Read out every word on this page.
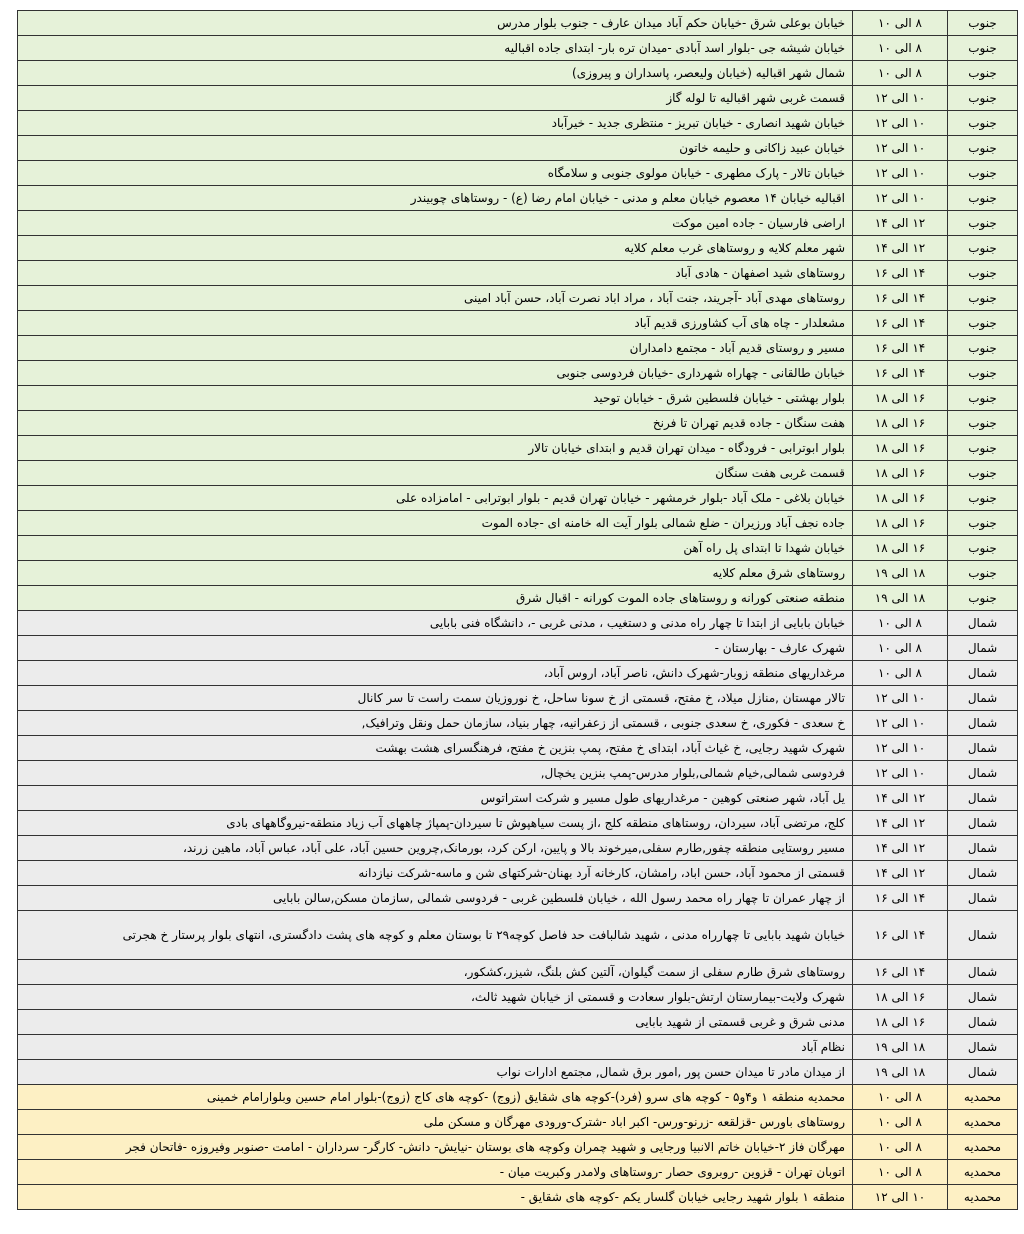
جنوب	۸ الی ۱۰	خیابان بوعلی شرق -خیابان حکم آباد میدان عارف - جنوب بلوار مدرس
جنوب	۸ الی ۱۰	خیابان شیشه جی -بلوار اسد آبادی -میدان تره بار- ابتدای جاده اقبالیه
جنوب	۸ الی ۱۰	شمال شهر اقبالیه (خیابان ولیعصر، پاسداران و پیروزی)
جنوب	۱۰ الی ۱۲	قسمت غربی شهر اقبالیه تا لوله گاز
جنوب	۱۰ الی ۱۲	خیابان شهید انصاری - خیابان تبریز - منتظری جدید - خیرآباد
جنوب	۱۰ الی ۱۲	خیابان عبید زاکانی و حلیمه خاتون
جنوب	۱۰ الی ۱۲	خیابان تالار - پارک مطهری - خیابان مولوی جنوبی و سلامگاه
جنوب	۱۰ الی ۱۲	اقبالیه خیابان ۱۴ معصوم خیابان معلم و مدنی - خیابان امام رضا (ع) - روستاهای چوبیندر
جنوب	۱۲ الی ۱۴	اراضی فارسیان - جاده امین موکت
جنوب	۱۲ الی ۱۴	شهر معلم کلایه و روستاهای غرب معلم کلایه
جنوب	۱۴ الی ۱۶	روستاهای شید اصفهان - هادی آباد
جنوب	۱۴ الی ۱۶	روستاهای مهدی آباد -آجریند، جنت آباد ، مراد اباد نصرت آباد، حسن آباد امینی
جنوب	۱۴ الی ۱۶	مشعلدار - چاه های آب کشاورزی قدیم آباد
جنوب	۱۴ الی ۱۶	مسیر و روستای قدیم آباد - مجتمع دامداران
جنوب	۱۴ الی ۱۶	خیابان طالقانی - چهاراه شهرداری -خیابان فردوسی جنوبی
جنوب	۱۶ الی ۱۸	بلوار بهشتی - خیابان فلسطین شرق - خیابان توحید
جنوب	۱۶ الی ۱۸	هفت سنگان - جاده قدیم تهران تا فرنخ
جنوب	۱۶ الی ۱۸	بلوار ابوترابی - فرودگاه - میدان تهران قدیم و ابتدای خیابان تالار
جنوب	۱۶ الی ۱۸	قسمت غربی هفت سنگان
جنوب	۱۶ الی ۱۸	خیابان بلاغی - ملک آباد -بلوار خرمشهر - خیابان تهران قدیم - بلوار ابوترابی - امامزاده علی
جنوب	۱۶ الی ۱۸	جاده نجف آباد ورزیران - ضلع شمالی بلوار آیت اله خامنه ای -جاده الموت
جنوب	۱۶ الی ۱۸	خیابان شهدا تا ابتدای پل راه آهن
جنوب	۱۸ الی ۱۹	روستاهای شرق معلم کلایه
جنوب	۱۸ الی ۱۹	منطقه صنعتی کورانه و روستاهای جاده الموت کورانه - اقبال شرق
شمال	۸ الی ۱۰	خیابان بابایی از ابتدا تا چهار راه مدنی و دستغیب ، مدنی غربی -، دانشگاه فنی بابایی
شمال	۸ الی ۱۰	شهرک عارف - بهارستان -
شمال	۸ الی ۱۰	مرغداریهای منطقه زوبار-شهرک دانش، ناصر آباد، اروس آباد،
شمال	۱۰ الی ۱۲	تالار مهستان ,منازل میلاد، خ مفتح، قسمتی از خ سونا ساحل، خ نوروزیان سمت راست تا سر کانال
شمال	۱۰ الی ۱۲	خ سعدی - فکوری، خ سعدی جنوبی ، قسمتی از زعفرانیه، چهار بنیاد، سازمان حمل ونقل وترافیک,
شمال	۱۰ الی ۱۲	شهرک شهید رجایی، خ غیاث آباد، ابتدای خ مفتح، پمپ بنزین خ مفتح، فرهنگسرای هشت بهشت
شمال	۱۰ الی ۱۲	فردوسی شمالی,خیام شمالی,بلوار مدرس-پمپ بنزین یخچال,
شمال	۱۲ الی ۱۴	یل آباد، شهر صنعتی کوهین - مرغداریهای طول مسیر و شرکت استراتوس
شمال	۱۲ الی ۱۴	کلج، مرتضی آباد، سیردان، روستاهای منطقه کلج ،از پست سیاهپوش تا سیردان-پمپاژ چاههای آب زیاد منطقه-نیروگاههای بادی
شمال	۱۲ الی ۱۴	مسیر روستایی منطقه چفور,طارم سفلی,میرخوند بالا و پایین، ارکن کرد، بورمانک,چروین حسین آباد، علی آباد، عباس آباد، ماهین زرند،
شمال	۱۲ الی ۱۴	قسمتی از محمود آباد، حسن اباد، رامشان، کارخانه آرد بهنان-شرکتهای شن و ماسه-شرکت نیازدانه
شمال	۱۴ الی ۱۶	از چهار عمران تا چهار راه محمد رسول الله ، خیابان فلسطین غربی - فردوسی شمالی ,سازمان مسکن,سالن بابایی
شمال	۱۴ الی ۱۶	خیابان شهید بابایی تا چهارراه مدنی ، شهید شالبافت حد فاصل کوچه۲۹ تا بوستان معلم و کوچه های پشت دادگستری، انتهای بلوار پرستار خ هجرتی
شمال	۱۴ الی ۱۶	روستاهای شرق طارم سفلی از سمت گیلوان، آلتین کش بلنگ، شیزر،کشکور،
شمال	۱۶ الی ۱۸	شهرک ولایت-بیمارستان ارتش-بلوار سعادت و قسمتی از خیابان شهید ثالث،
شمال	۱۶ الی ۱۸	مدنی شرق و غربی قسمتی از شهید بابایی
شمال	۱۸ الی ۱۹	نظام آباد
شمال	۱۸ الی ۱۹	از میدان مادر تا میدان حسن پور ,امور برق شمال, مجتمع ادارات نواب
محمدیه	۸ الی ۱۰	محمدیه منطقه ۱ و۴و۵ - کوچه های سرو (فرد)-کوچه های شقایق (زوج) -کوچه های کاج (زوج)-بلوار امام حسین وبلوارامام خمینی
محمدیه	۸ الی ۱۰	روستاهای باورس -قزلقعه -زرنو-ورس- اکبر اباد -شترک-ورودی مهرگان و مسکن ملی
محمدیه	۸ الی ۱۰	مهرگان فاز ۲-خیابان خاتم الانبیا ورجایی و شهید چمران وکوچه های بوستان -نیایش- دانش- کارگر- سرداران - امامت -صنوبر وفیروزه -فاتحان فجر
محمدیه	۸ الی ۱۰	اتوبان تهران - قزوین -روبروی حصار -روستاهای ولامدر وکبریت میان -
محمدیه	۱۰ الی ۱۲	منطقه ۱ بلوار شهید رجایی خیابان گلسار یکم -کوچه های شقایق -
